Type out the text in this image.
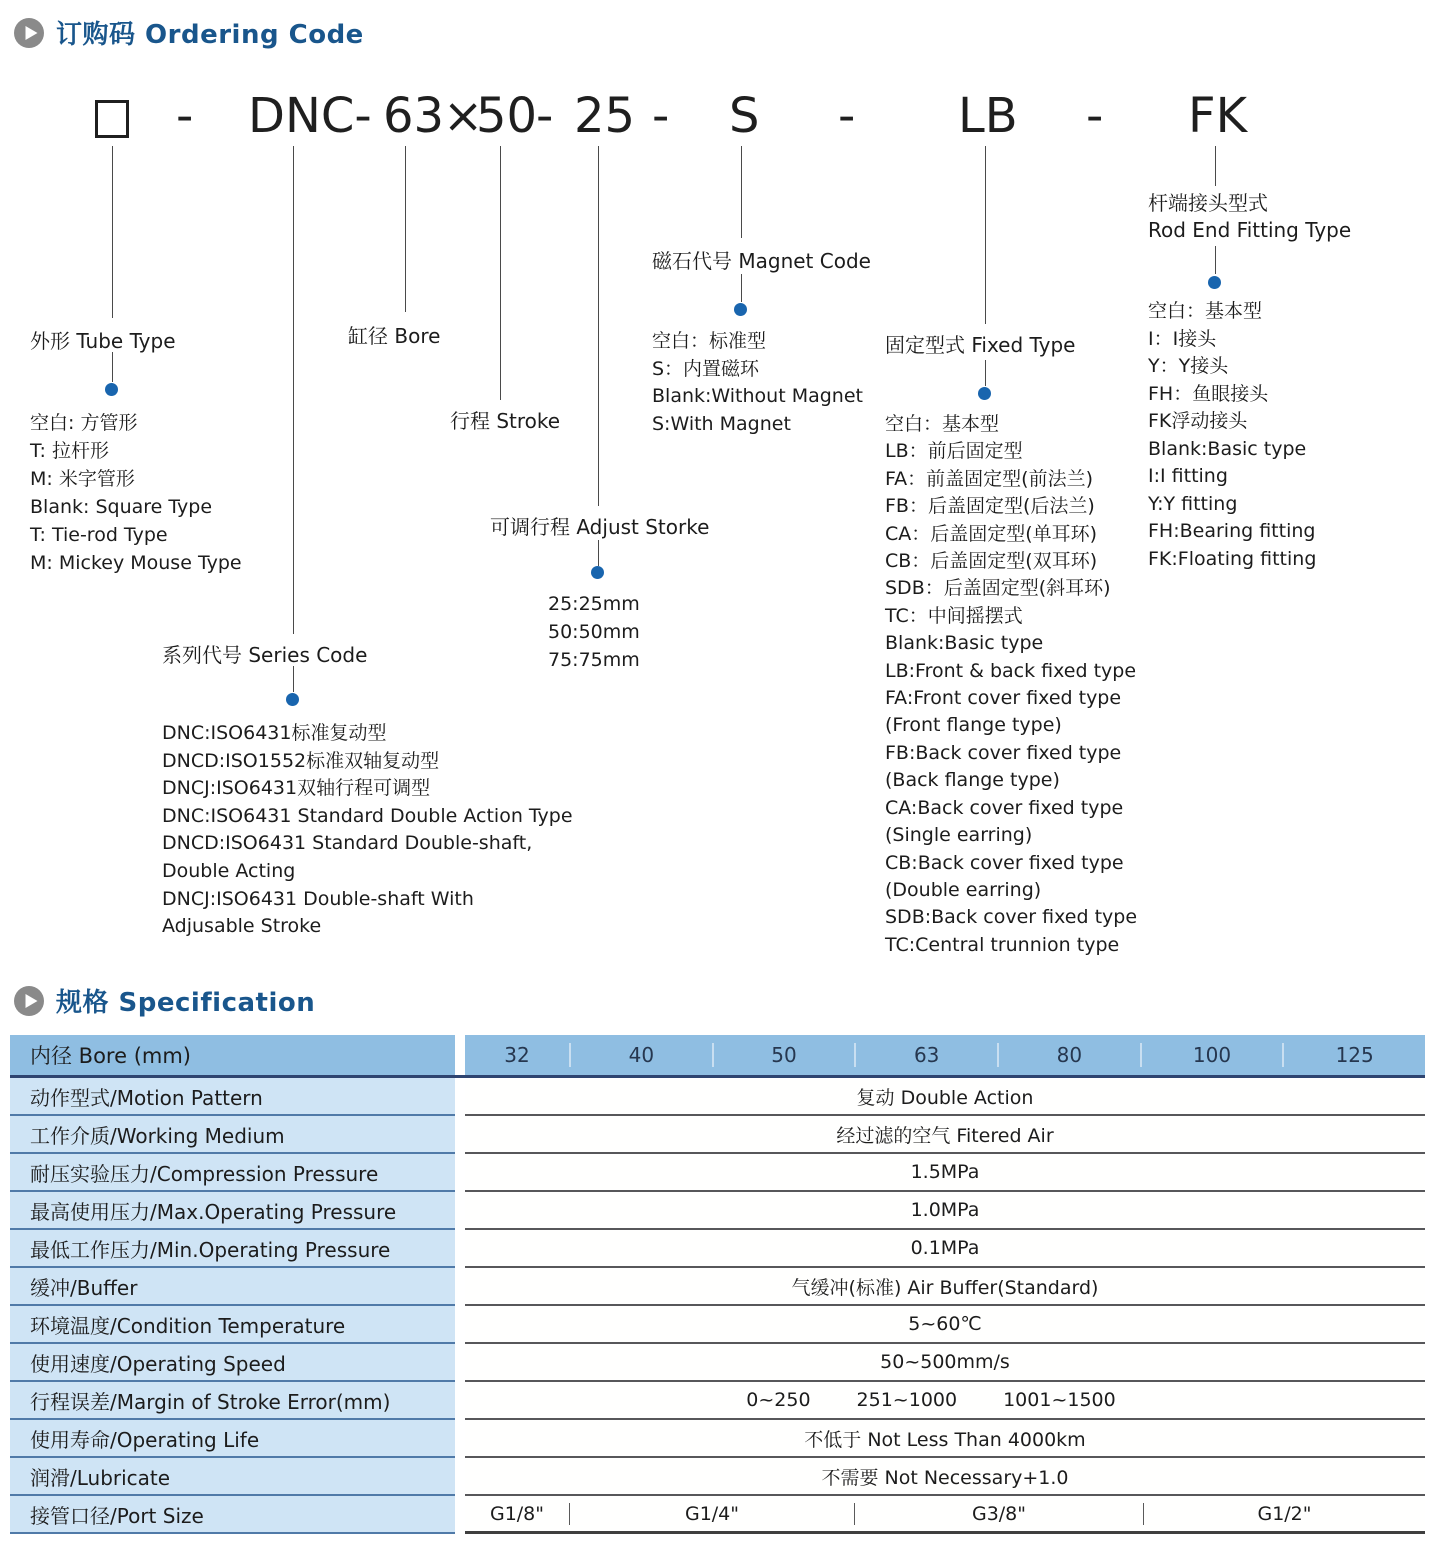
订购码 Ordering Code
- DNC- 63
×
50
- 25 - S - LB - FK
外形 Tube Type
空白: 方管形
T: 拉杆形
M: 米字管形
Blank: Square Type
T: Tie-rod Type
M: Mickey Mouse Type
系列代号 Series Code
DNC:ISO6431标准复动型
DNCD:ISO1552标准双轴复动型
DNCJ:ISO6431双轴行程可调型
DNC:ISO6431 Standard Double Action Type
DNCD:ISO6431 Standard Double-shaft,
Double Acting
DNCJ:ISO6431 Double-shaft With
Adjusable Stroke
缸径 Bore
行程 Stroke
可调行程 Adjust Storke
25:25mm
50:50mm
75:75mm
磁石代号 Magnet Code
空白：标准型
S：内置磁环
Blank:Without Magnet
S:With Magnet
固定型式 Fixed Type
空白：基本型
LB：前后固定型
FA：前盖固定型(前法兰)
FB：后盖固定型(后法兰)
CA：后盖固定型(单耳环)
CB：后盖固定型(双耳环)
SDB：后盖固定型(斜耳环)
TC：中间摇摆式
Blank:Basic type
LB:Front & back fixed type
FA:Front cover fixed type
(Front flange type)
FB:Back cover fixed type
(Back flange type)
CA:Back cover fixed type
(Single earring)
CB:Back cover fixed type
(Double earring)
SDB:Back cover fixed type
TC:Central trunnion type
杆端接头型式
Rod End Fitting Type
空白：基本型
I：I接头
Y：Y接头
FH：鱼眼接头
FK浮动接头
Blank:Basic type
I:I fitting
Y:Y fitting
FH:Bearing fitting
FK:Floating fitting
规格 Specification
内径 Bore (mm)	32	40	50	63	80	100	125
动作型式/Motion Pattern	复动 Double Action
工作介质/Working Medium	经过滤的空气 Fitered Air
耐压实验压力/Compression Pressure	1.5MPa
最高使用压力/Max.Operating Pressure	1.0MPa
最低工作压力/Min.Operating Pressure	0.1MPa
缓冲/Buffer	气缓冲(标准) Air Buffer(Standard)
环境温度/Condition Temperature	5~60℃
使用速度/Operating Speed	50~500mm/s
行程误差/Margin of Stroke Error(mm)	0~250 251~1000 1001~1500
使用寿命/Operating Life	不低于 Not Less Than 4000km
润滑/Lubricate	不需要 Not Necessary+1.0
接管口径/Port Size	G1/8"	G1/4"	G3/8"	G1/2"
